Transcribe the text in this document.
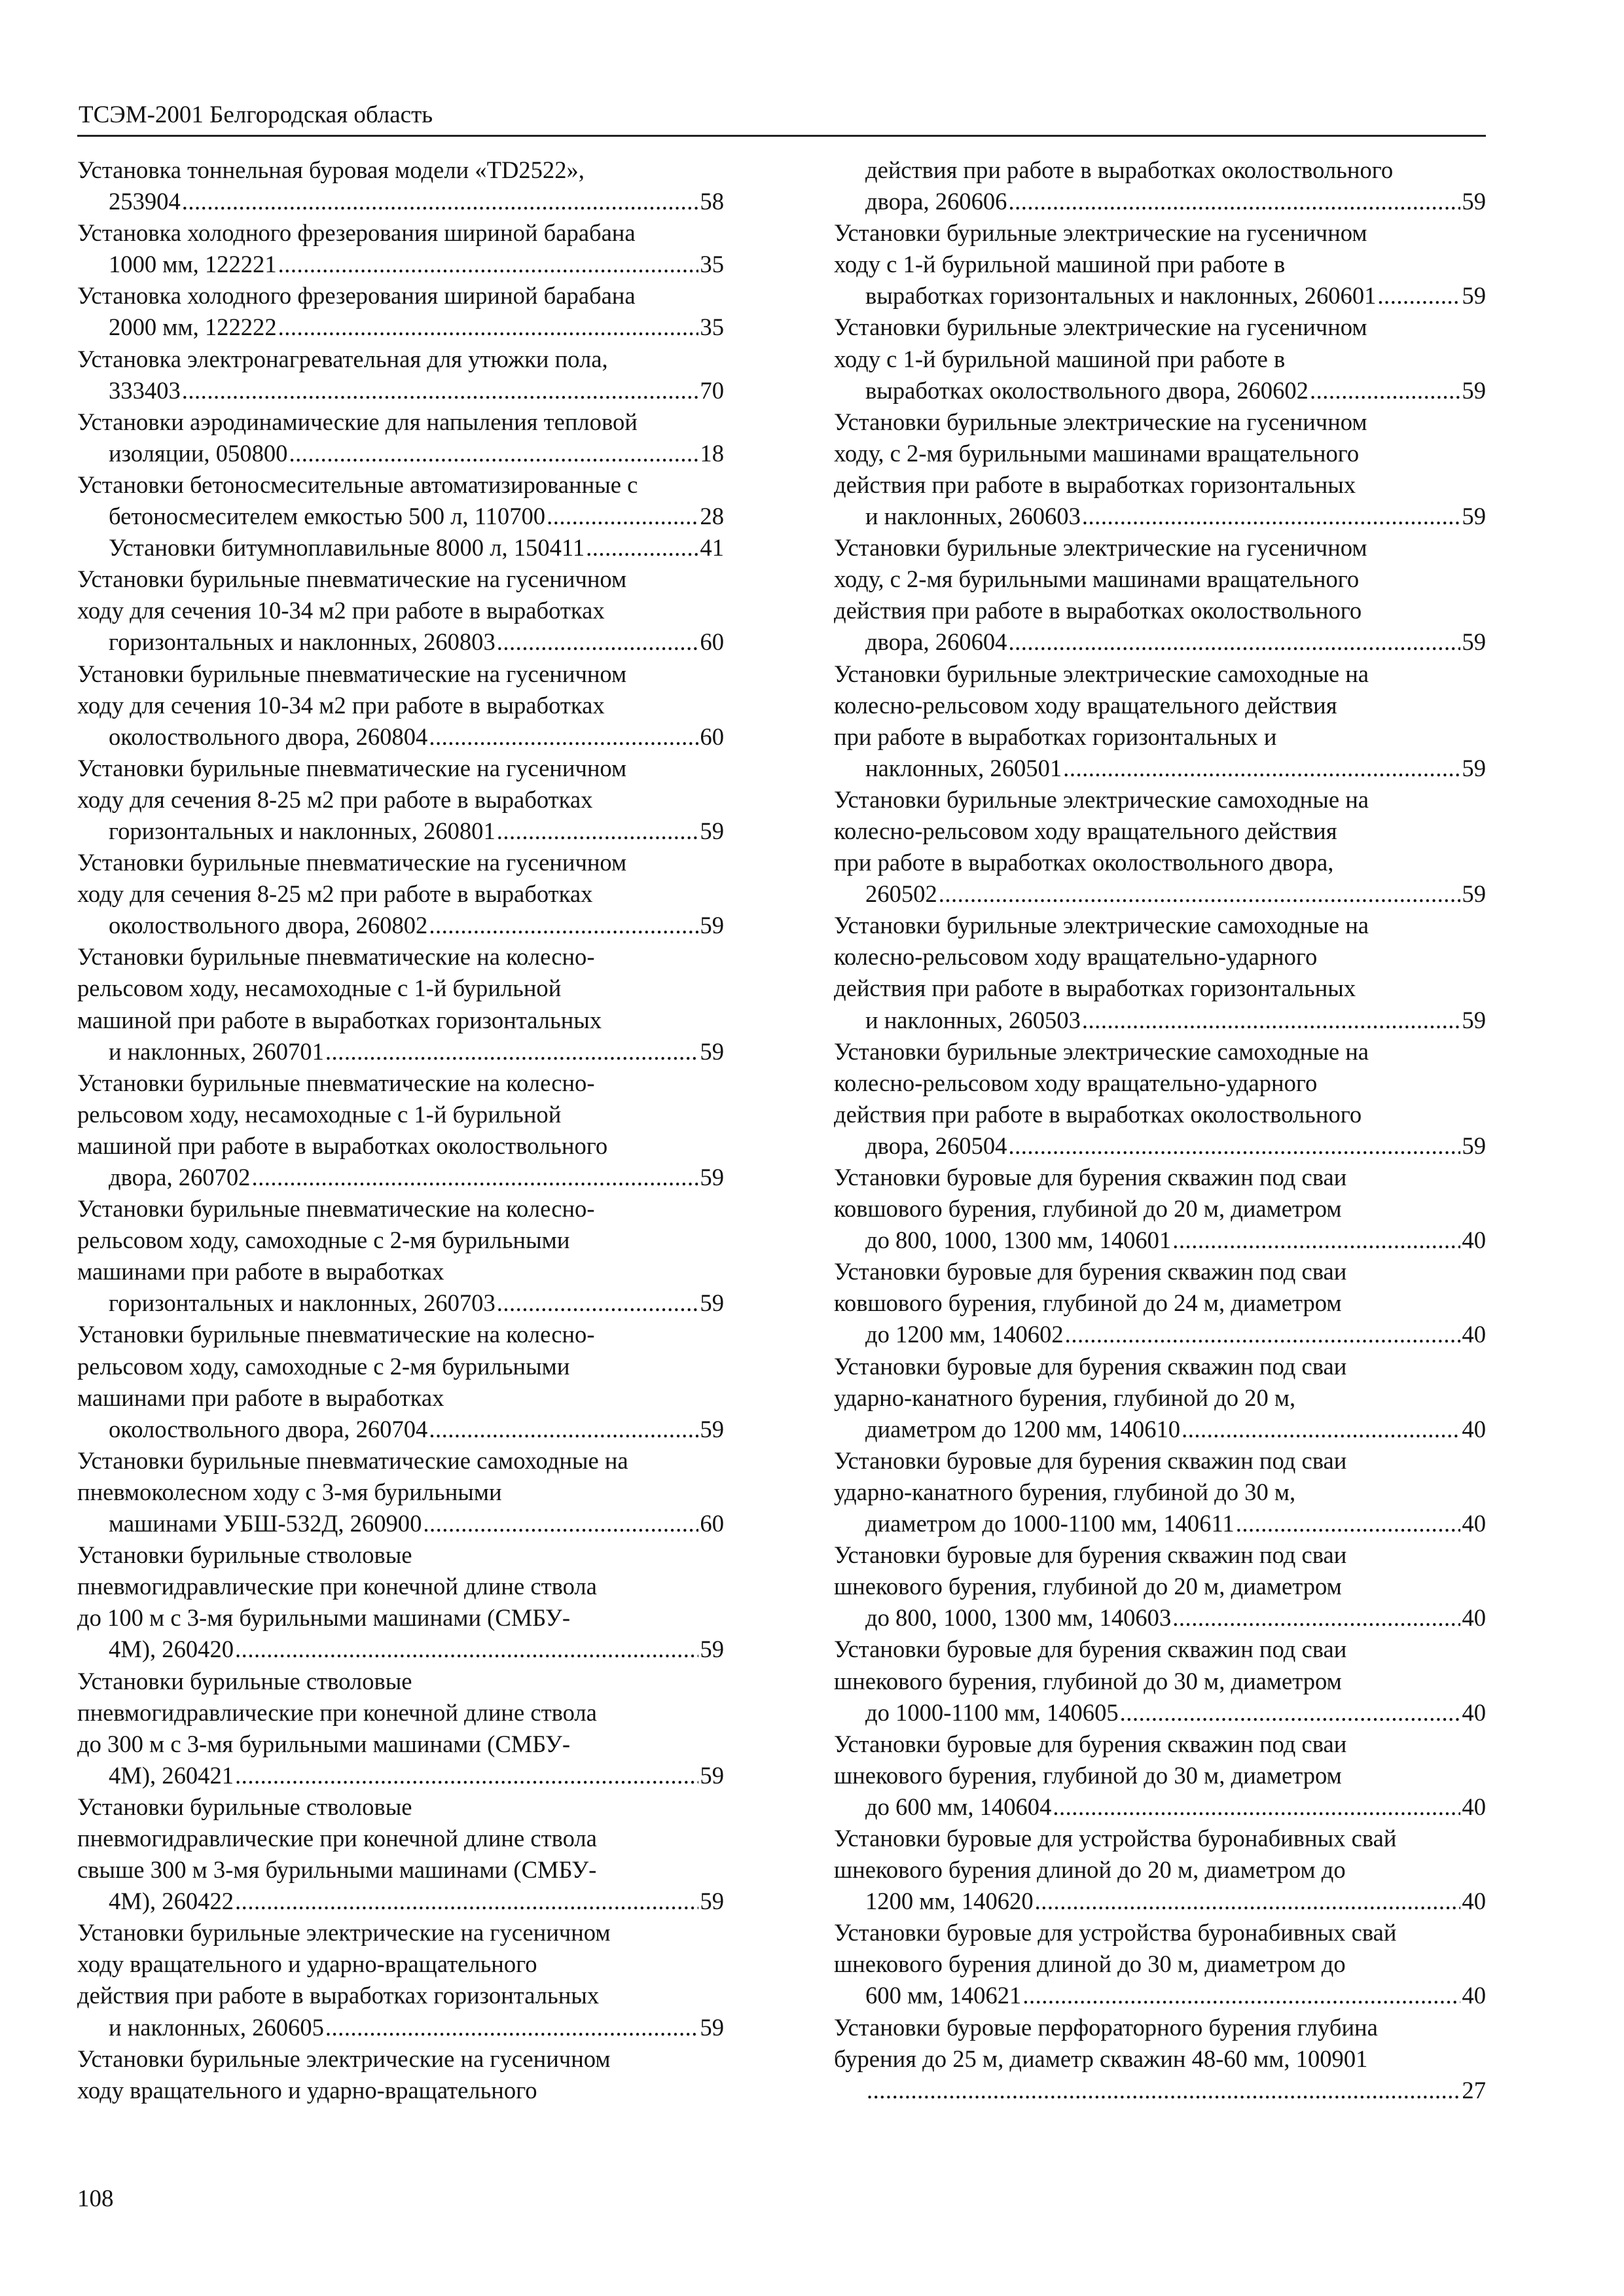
ТСЭМ-2001 Белгородская область
Установка тоннельная буровая модели «TD2522»,
253904 .....	58
Установка холодного фрезерования шириной барабана
1000 мм, 122221 .....	35
Установка холодного фрезерования шириной барабана
2000 мм, 122222 .....	35
Установка электронагревательная для утюжки пола,
333403 .....	70
Установки аэродинамические для напыления тепловой
изоляции, 050800 .....	18
Установки бетоносмесительные автоматизированные с
бетоносмесителем емкостью 500 л, 110700 .....	28
Установки битумноплавильные 8000 л, 150411 .....	41
Установки бурильные пневматические на гусеничном
ходу для сечения 10-34 м2 при работе в выработках
горизонтальных и наклонных, 260803 .....	60
Установки бурильные пневматические на гусеничном
ходу для сечения 10-34 м2 при работе в выработках
околоствольного двора, 260804 .....	60
Установки бурильные пневматические на гусеничном
ходу для сечения 8-25 м2 при работе в выработках
горизонтальных и наклонных, 260801 .....	59
Установки бурильные пневматические на гусеничном
ходу для сечения 8-25 м2 при работе в выработках
околоствольного двора, 260802 .....	59
Установки бурильные пневматические на колесно-
рельсовом ходу, несамоходные с 1-й бурильной
машиной при работе в выработках горизонтальных
и наклонных, 260701 .....	59
Установки бурильные пневматические на колесно-
рельсовом ходу, несамоходные с 1-й бурильной
машиной при работе в выработках околоствольного
двора, 260702 .....	59
Установки бурильные пневматические на колесно-
рельсовом ходу, самоходные с 2-мя бурильными
машинами при работе в выработках
горизонтальных и наклонных, 260703 .....	59
Установки бурильные пневматические на колесно-
рельсовом ходу, самоходные с 2-мя бурильными
машинами при работе в выработках
околоствольного двора, 260704 .....	59
Установки бурильные пневматические самоходные на
пневмоколесном ходу с 3-мя бурильными
машинами УБШ-532Д, 260900 .....	60
Установки бурильные стволовые
пневмогидравлические при конечной длине ствола
до 100 м с 3-мя бурильными машинами (СМБУ-
4М), 260420 .....	59
Установки бурильные стволовые
пневмогидравлические при конечной длине ствола
до 300 м с 3-мя бурильными машинами (СМБУ-
4М), 260421 .....	59
Установки бурильные стволовые
пневмогидравлические при конечной длине ствола
свыше 300 м 3-мя бурильными машинами (СМБУ-
4М), 260422 .....	59
Установки бурильные электрические на гусеничном
ходу вращательного и ударно-вращательного
действия при работе в выработках горизонтальных
и наклонных, 260605 .....	59
Установки бурильные электрические на гусеничном
ходу вращательного и ударно-вращательного
действия при работе в выработках околоствольного
двора, 260606 .....	59
Установки бурильные электрические на гусеничном
ходу с 1-й бурильной машиной при работе в
выработках горизонтальных и наклонных, 260601 .....	59
Установки бурильные электрические на гусеничном
ходу с 1-й бурильной машиной при работе в
выработках околоствольного двора, 260602 .....	59
Установки бурильные электрические на гусеничном
ходу, с 2-мя бурильными машинами вращательного
действия при работе в выработках горизонтальных
и наклонных, 260603 .....	59
Установки бурильные электрические на гусеничном
ходу, с 2-мя бурильными машинами вращательного
действия при работе в выработках околоствольного
двора, 260604 .....	59
Установки бурильные электрические самоходные на
колесно-рельсовом ходу вращательного действия
при работе в выработках горизонтальных и
наклонных, 260501 .....	59
Установки бурильные электрические самоходные на
колесно-рельсовом ходу вращательного действия
при работе в выработках околоствольного двора,
260502 .....	59
Установки бурильные электрические самоходные на
колесно-рельсовом ходу вращательно-ударного
действия при работе в выработках горизонтальных
и наклонных, 260503 .....	59
Установки бурильные электрические самоходные на
колесно-рельсовом ходу вращательно-ударного
действия при работе в выработках околоствольного
двора, 260504 .....	59
Установки буровые для бурения скважин под сваи
ковшового бурения, глубиной до 20 м, диаметром
до 800, 1000, 1300 мм, 140601 .....	40
Установки буровые для бурения скважин под сваи
ковшового бурения, глубиной до 24 м, диаметром
до 1200 мм, 140602 .....	40
Установки буровые для бурения скважин под сваи
ударно-канатного бурения, глубиной до 20 м,
диаметром до 1200 мм, 140610 .....	40
Установки буровые для бурения скважин под сваи
ударно-канатного бурения, глубиной до 30 м,
диаметром до 1000-1100 мм, 140611 .....	40
Установки буровые для бурения скважин под сваи
шнекового бурения, глубиной до 20 м, диаметром
до 800, 1000, 1300 мм, 140603 .....	40
Установки буровые для бурения скважин под сваи
шнекового бурения, глубиной до 30 м, диаметром
до 1000-1100 мм, 140605 .....	40
Установки буровые для бурения скважин под сваи
шнекового бурения, глубиной до 30 м, диаметром
до 600 мм, 140604 .....	40
Установки буровые для устройства буронабивных свай
шнекового бурения длиной до 20 м, диаметром до
1200 мм, 140620 .....	40
Установки буровые для устройства буронабивных свай
шнекового бурения длиной до 30 м, диаметром до
600 мм, 140621 .....	40
Установки буровые перфораторного бурения глубина
бурения до 25 м, диаметр скважин 48-60 мм, 100901
.....
27
108
